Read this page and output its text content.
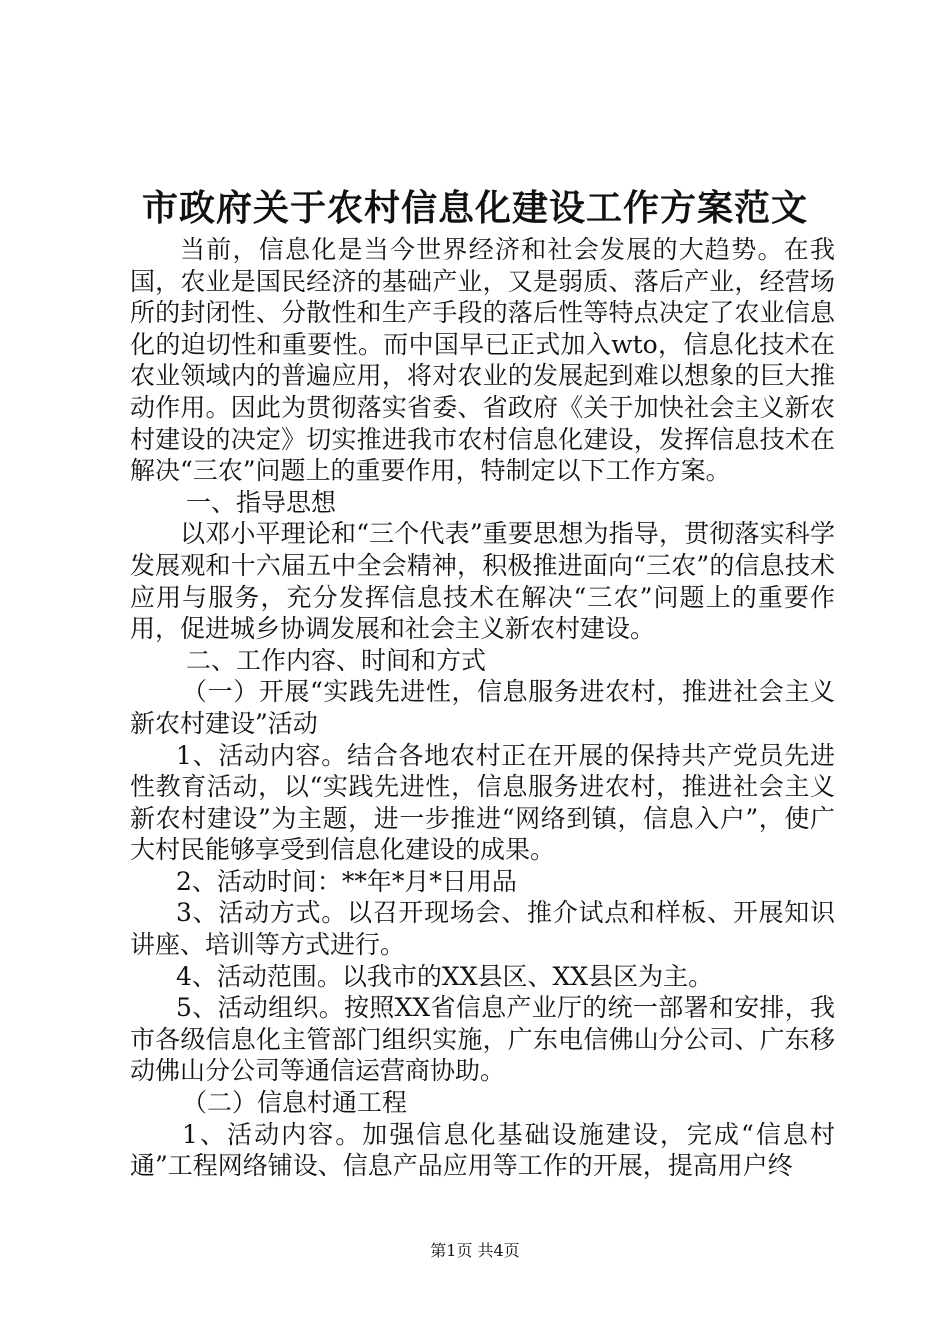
市政府关于农村信息化建设工作方案范文

当前，信息化是当今世界经济和社会发展的大趋势。在我国，农业是国民经济的基础产业，又是弱质、落后产业，经营场所的封闭性、分散性和生产手段的落后性等特点决定了农业信息化的迫切性和重要性。而中国早已正式加入wto，信息化技术在农业领域内的普遍应用，将对农业的发展起到难以想象的巨大推动作用。因此为贯彻落实省委、省政府《关于加快社会主义新农村建设的决定》切实推进我市农村信息化建设，发挥信息技术在解决“三农”问题上的重要作用，特制定以下工作方案。

一、指导思想

以邓小平理论和“三个代表”重要思想为指导，贯彻落实科学发展观和十六届五中全会精神，积极推进面向“三农”的信息技术应用与服务，充分发挥信息技术在解决“三农”问题上的重要作用，促进城乡协调发展和社会主义新农村建设。

二、工作内容、时间和方式

（一）开展“实践先进性，信息服务进农村，推进社会主义新农村建设”活动

1、活动内容。结合各地农村正在开展的保持共产党员先进性教育活动，以“实践先进性，信息服务进农村，推进社会主义新农村建设”为主题，进一步推进“网络到镇，信息入户”，使广大村民能够享受到信息化建设的成果。

2、活动时间：**年*月*日用品

3、活动方式。以召开现场会、推介试点和样板、开展知识讲座、培训等方式进行。

4、活动范围。以我市的XX县区、XX县区为主。

5、活动组织。按照XX省信息产业厅的统一部署和安排，我市各级信息化主管部门组织实施，广东电信佛山分公司、广东移动佛山分公司等通信运营商协助。

（二）信息村通工程

1、活动内容。加强信息化基础设施建设，完成“信息村通”工程网络铺设、信息产品应用等工作的开展，提高用户终

第1页 共4页
